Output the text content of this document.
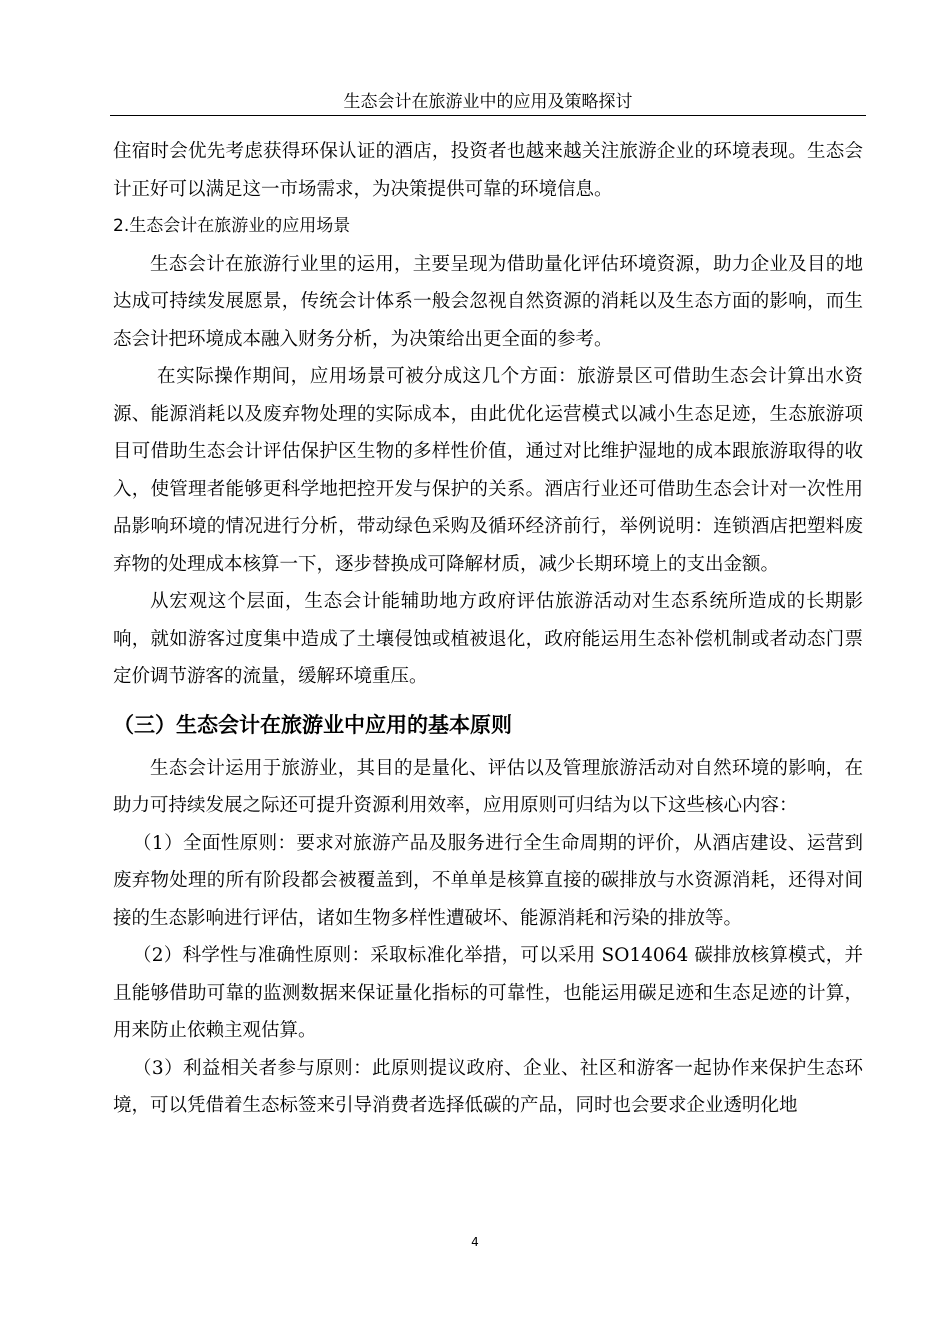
生态会计在旅游业中的应用及策略探讨

住宿时会优先考虑获得环保认证的酒店，投资者也越来越关注旅游企业的环境表现。生态会计正好可以满足这一市场需求，为决策提供可靠的环境信息。

2.生态会计在旅游业的应用场景

生态会计在旅游行业里的运用，主要呈现为借助量化评估环境资源，助力企业及目的地达成可持续发展愿景，传统会计体系一般会忽视自然资源的消耗以及生态方面的影响，而生态会计把环境成本融入财务分析，为决策给出更全面的参考。

在实际操作期间，应用场景可被分成这几个方面：旅游景区可借助生态会计算出水资源、能源消耗以及废弃物处理的实际成本，由此优化运营模式以减小生态足迹，生态旅游项目可借助生态会计评估保护区生物的多样性价值，通过对比维护湿地的成本跟旅游取得的收入，使管理者能够更科学地把控开发与保护的关系。酒店行业还可借助生态会计对一次性用品影响环境的情况进行分析，带动绿色采购及循环经济前行，举例说明：连锁酒店把塑料废弃物的处理成本核算一下，逐步替换成可降解材质，减少长期环境上的支出金额。

从宏观这个层面，生态会计能辅助地方政府评估旅游活动对生态系统所造成的长期影响，就如游客过度集中造成了土壤侵蚀或植被退化，政府能运用生态补偿机制或者动态门票定价调节游客的流量，缓解环境重压。

（三）生态会计在旅游业中应用的基本原则

生态会计运用于旅游业，其目的是量化、评估以及管理旅游活动对自然环境的影响，在助力可持续发展之际还可提升资源利用效率，应用原则可归结为以下这些核心内容：

（1）全面性原则：要求对旅游产品及服务进行全生命周期的评价，从酒店建设、运营到废弃物处理的所有阶段都会被覆盖到，不单单是核算直接的碳排放与水资源消耗，还得对间接的生态影响进行评估，诸如生物多样性遭破坏、能源消耗和污染的排放等。

（2）科学性与准确性原则：采取标准化举措，可以采用 SO14064 碳排放核算模式，并且能够借助可靠的监测数据来保证量化指标的可靠性，也能运用碳足迹和生态足迹的计算，用来防止依赖主观估算。

（3）利益相关者参与原则：此原则提议政府、企业、社区和游客一起协作来保护生态环境，可以凭借着生态标签来引导消费者选择低碳的产品，同时也会要求企业透明化地

4
